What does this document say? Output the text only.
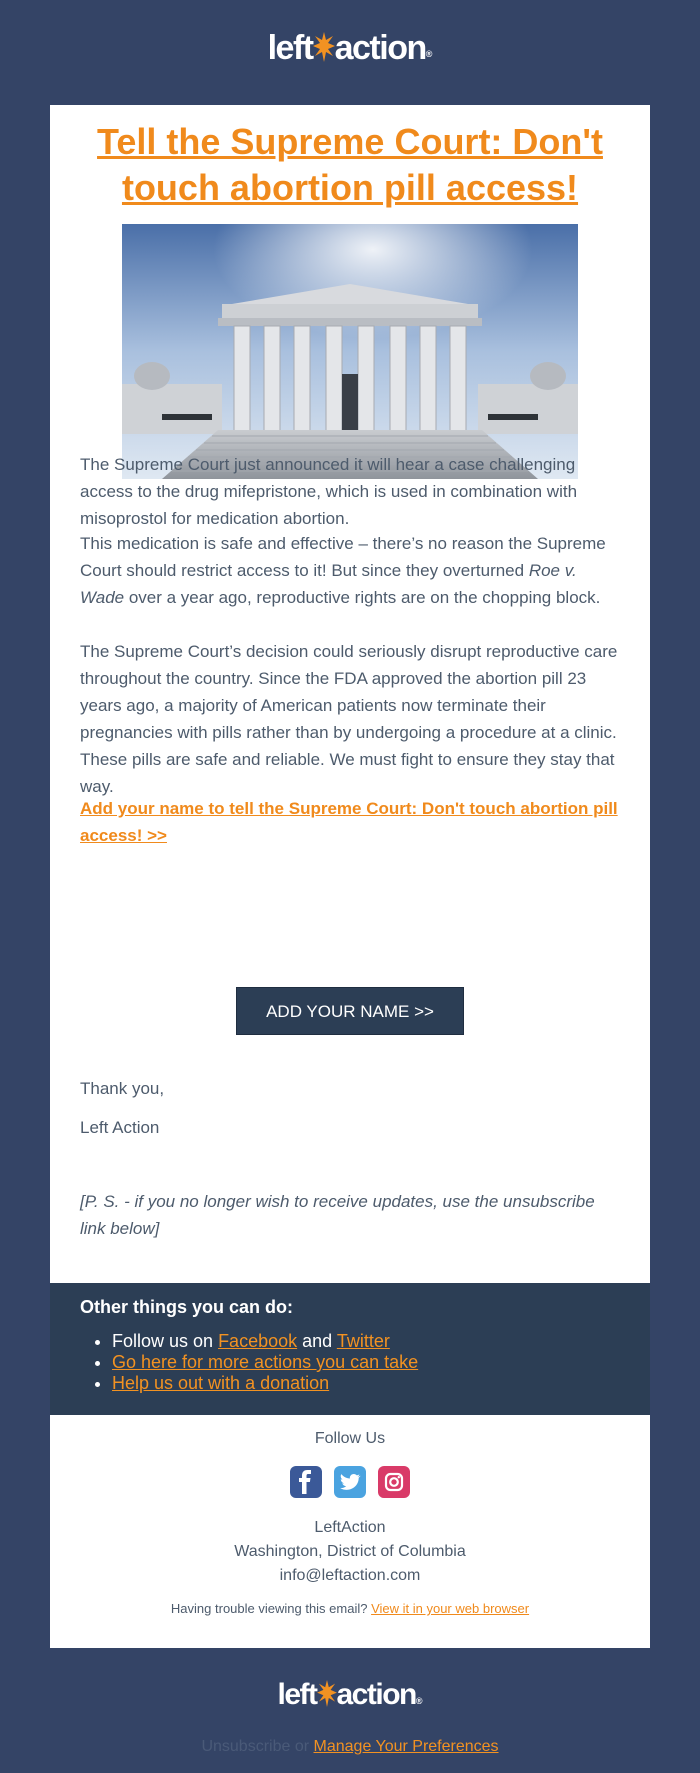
left action®
Tell the Supreme Court: Don't touch abortion pill access!

The Supreme Court just announced it will hear a case challenging access to the drug mifepristone, which is used in combination with misoprostol for medication abortion.

This medication is safe and effective – there’s no reason the Supreme Court should restrict access to it! But since they overturned Roe v. Wade over a year ago, reproductive rights are on the chopping block.

The Supreme Court’s decision could seriously disrupt reproductive care throughout the country. Since the FDA approved the abortion pill 23 years ago, a majority of American patients now terminate their pregnancies with pills rather than by undergoing a procedure at a clinic. These pills are safe and reliable. We must fight to ensure they stay that way.

Add your name to tell the Supreme Court: Don't touch abortion pill access! >>

ADD YOUR NAME >>

Thank you,

Left Action

[P. S. - if you no longer wish to receive updates, use the unsubscribe link below]

Other things you can do:
• Follow us on Facebook and Twitter
• Go here for more actions you can take
• Help us out with a donation
Follow Us

LeftAction
Washington, District of Columbia
info@leftaction.com
Having trouble viewing this email? View it in your web browser
left action®
Unsubscribe or Manage Your Preferences
